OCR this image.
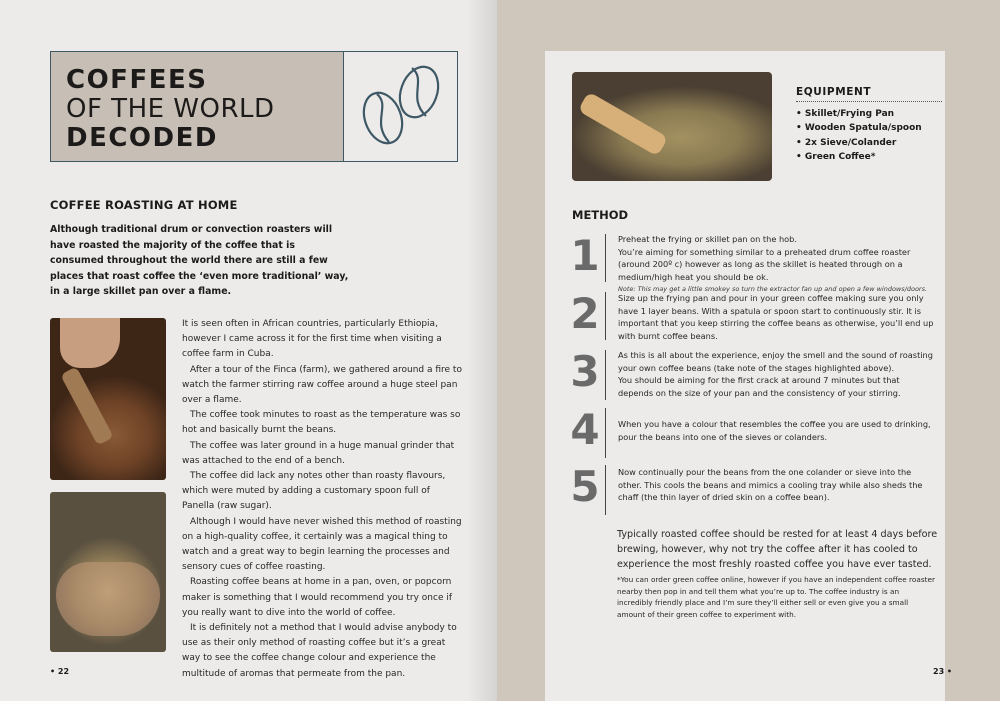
COFFEES
OF THE WORLD
DECODED
COFFEE ROASTING AT HOME

Although traditional drum or convection roasters will have roasted the majority of the coffee that is consumed throughout the world there are still a few places that roast coffee the ‘even more traditional’ way, in a large skillet pan over a flame.

It is seen often in African countries, particularly Ethiopia, however I came across it for the first time when visiting a coffee farm in Cuba.

After a tour of the Finca (farm), we gathered around a fire to watch the farmer stirring raw coffee around a huge steel pan over a flame.

The coffee took minutes to roast as the temperature was so hot and basically burnt the beans.

The coffee was later ground in a huge manual grinder that was attached to the end of a bench.

The coffee did lack any notes other than roasty flavours, which were muted by adding a customary spoon full of Panella (raw sugar).

Although I would have never wished this method of roasting on a high-quality coffee, it certainly was a magical thing to watch and a great way to begin learning the processes and sensory cues of coffee roasting.

Roasting coffee beans at home in a pan, oven, or popcorn maker is something that I would recommend you try once if you really want to dive into the world of coffee.

It is definitely not a method that I would advise anybody to use as their only method of roasting coffee but it’s a great way to see the coffee change colour and experience the multitude of aromas that permeate from the pan.

• 22
EQUIPMENT
• Skillet/Frying Pan
• Wooden Spatula/spoon
• 2x Sieve/Colander
• Green Coffee*
METHOD
1 Preheat the frying or skillet pan on the hob.

You’re aiming for something similar to a preheated drum coffee roaster (around 200º c) however as long as the skillet is heated through on a medium/high heat you should be ok.

Note: This may get a little smokey so turn the extractor fan up and open a few windows/doors.

2 Size up the frying pan and pour in your green coffee making sure you only have 1 layer beans. With a spatula or spoon start to continuously stir. It is important that you keep stirring the coffee beans as otherwise, you’ll end up with burnt coffee beans.

3 As this is all about the experience, enjoy the smell and the sound of roasting your own coffee beans (take note of the stages highlighted above).

You should be aiming for the first crack at around 7 minutes but that depends on the size of your pan and the consistency of your stirring.

4 When you have a colour that resembles the coffee you are used to drinking, pour the beans into one of the sieves or colanders.

5 Now continually pour the beans from the one colander or sieve into the other. This cools the beans and mimics a cooling tray while also sheds the chaff (the thin layer of dried skin on a coffee bean).

Typically roasted coffee should be rested for at least 4 days before brewing, however, why not try the coffee after it has cooled to experience the most freshly roasted coffee you have ever tasted.
*You can order green coffee online, however if you have an independent coffee roaster nearby then pop in and tell them what you’re up to. The coffee industry is an incredibly friendly place and I’m sure they’ll either sell or even give you a small amount of their green coffee to experiment with.
23 •
